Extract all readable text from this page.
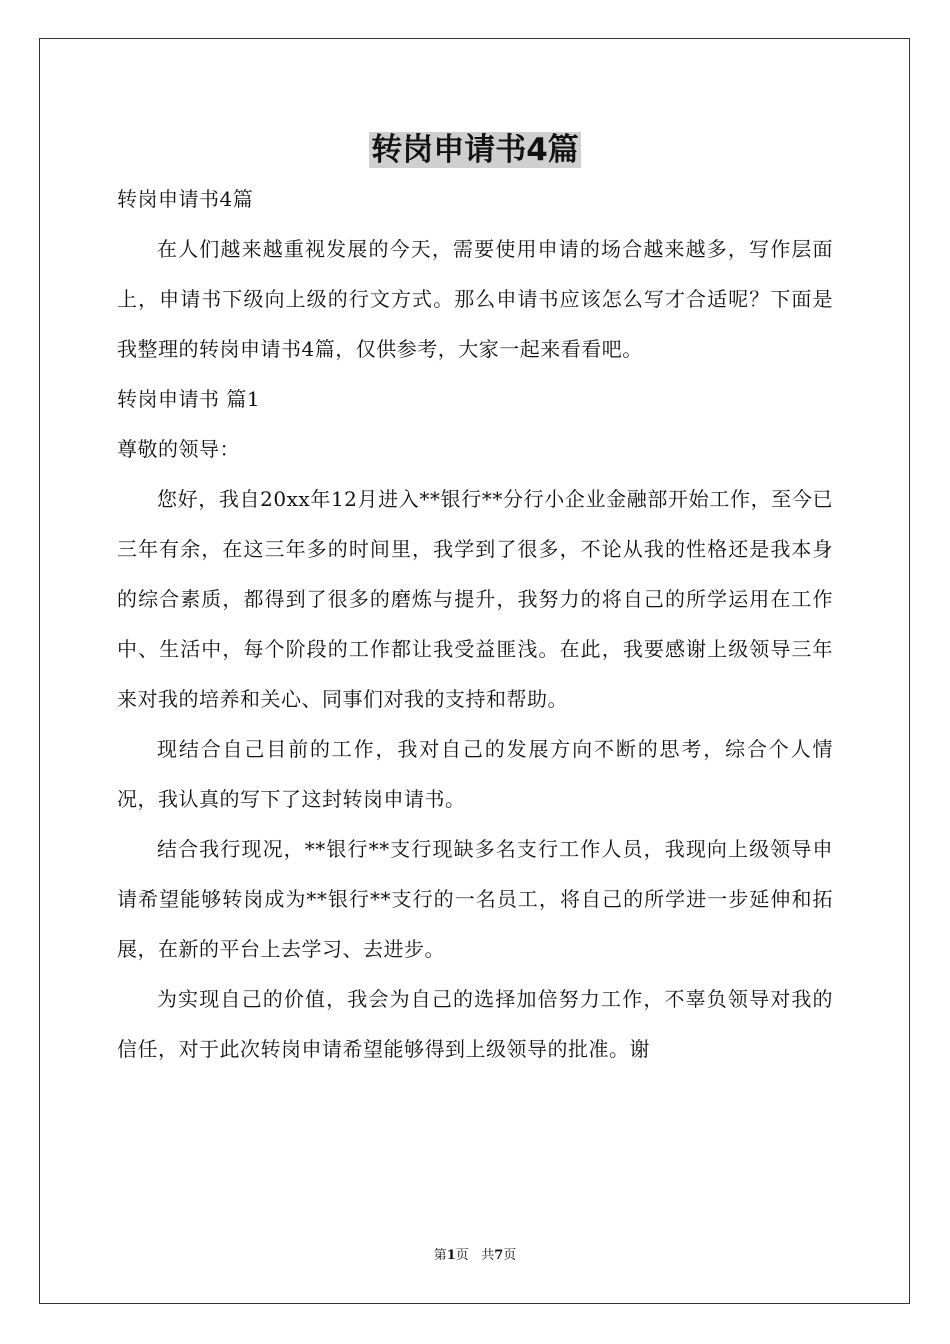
转岗申请书4篇

转岗申请书4篇

在人们越来越重视发展的今天，需要使用申请的场合越来越多，写作层面上，申请书下级向上级的行文方式。那么申请书应该怎么写才合适呢？下面是我整理的转岗申请书4篇，仅供参考，大家一起来看看吧。

转岗申请书 篇1

尊敬的领导：

您好，我自20xx年12月进入**银行**分行小企业金融部开始工作，至今已三年有余，在这三年多的时间里，我学到了很多，不论从我的性格还是我本身的综合素质，都得到了很多的磨炼与提升，我努力的将自己的所学运用在工作中、生活中，每个阶段的工作都让我受益匪浅。在此，我要感谢上级领导三年来对我的培养和关心、同事们对我的支持和帮助。

现结合自己目前的工作，我对自己的发展方向不断的思考，综合个人情况，我认真的写下了这封转岗申请书。

结合我行现况，**银行**支行现缺多名支行工作人员，我现向上级领导申请希望能够转岗成为**银行**支行的一名员工，将自己的所学进一步延伸和拓展，在新的平台上去学习、去进步。

为实现自己的价值，我会为自己的选择加倍努力工作，不辜负领导对我的信任，对于此次转岗申请希望能够得到上级领导的批准。谢

第1页 共7页
